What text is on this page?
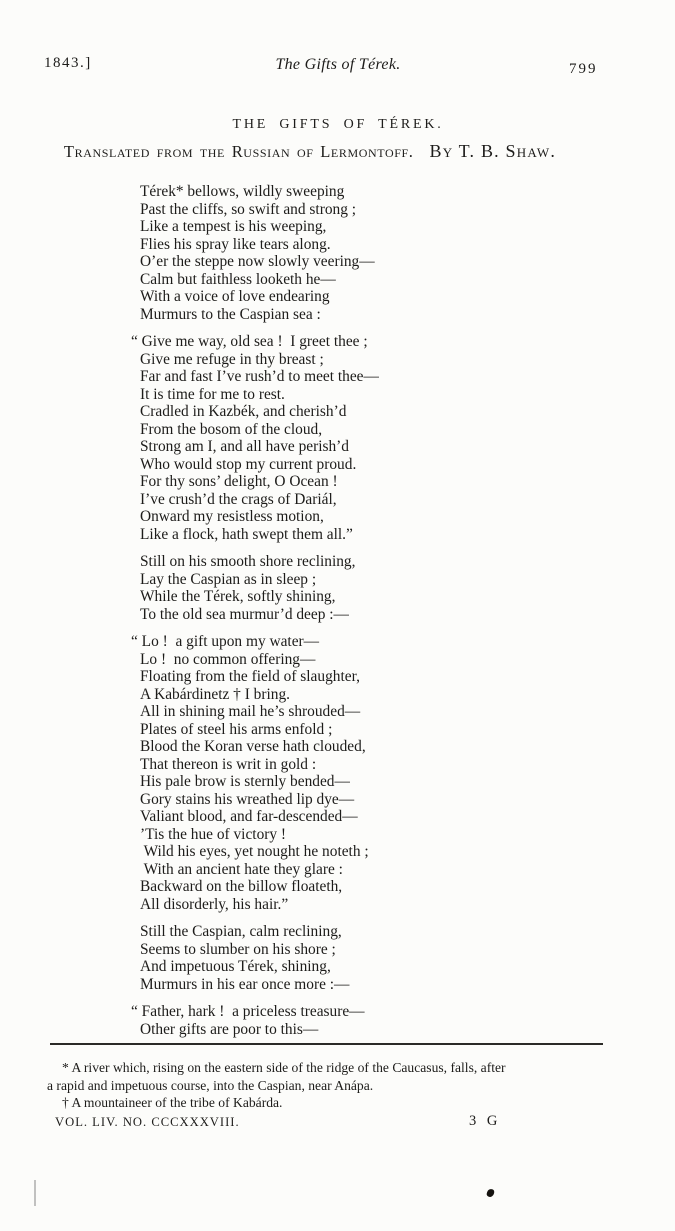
1843.]	The Gifts of Térek.	799
THE GIFTS OF TÉREK.
Translated from the Russian of Lermontoff. By T. B. Shaw.
Térek* bellows, wildly sweeping
Past the cliffs, so swift and strong ;
Like a tempest is his weeping,
Flies his spray like tears along.
O’er the steppe now slowly veering—
Calm but faithless looketh he—
With a voice of love endearing
Murmurs to the Caspian sea :
“ Give me way, old sea !  I greet thee ;
Give me refuge in thy breast ;
Far and fast I’ve rush’d to meet thee—
It is time for me to rest.
Cradled in Kazbék, and cherish’d
From the bosom of the cloud,
Strong am I, and all have perish’d
Who would stop my current proud.
For thy sons’ delight, O Ocean !
I’ve crush’d the crags of Dariál,
Onward my resistless motion,
Like a flock, hath swept them all.”
Still on his smooth shore reclining,
Lay the Caspian as in sleep ;
While the Térek, softly shining,
To the old sea murmur’d deep :—
“ Lo !  a gift upon my water—
Lo !  no common offering—
Floating from the field of slaughter,
A Kabárdinetz † I bring.
All in shining mail he’s shrouded—
Plates of steel his arms enfold ;
Blood the Koran verse hath clouded,
That thereon is writ in gold :
His pale brow is sternly bended—
Gory stains his wreathed lip dye—
Valiant blood, and far-descended—
’Tis the hue of victory !
Wild his eyes, yet nought he noteth ;
With an ancient hate they glare :
Backward on the billow floateth,
All disorderly, his hair.”
Still the Caspian, calm reclining,
Seems to slumber on his shore ;
And impetuous Térek, shining,
Murmurs in his ear once more :—
“ Father, hark !  a priceless treasure—
Other gifts are poor to this—
* A river which, rising on the eastern side of the ridge of the Caucasus, falls, after
a rapid and impetuous course, into the Caspian, near Anápa.
† A mountaineer of the tribe of Kabárda.
VOL. LIV. NO. CCCXXXVIII.	3 G
